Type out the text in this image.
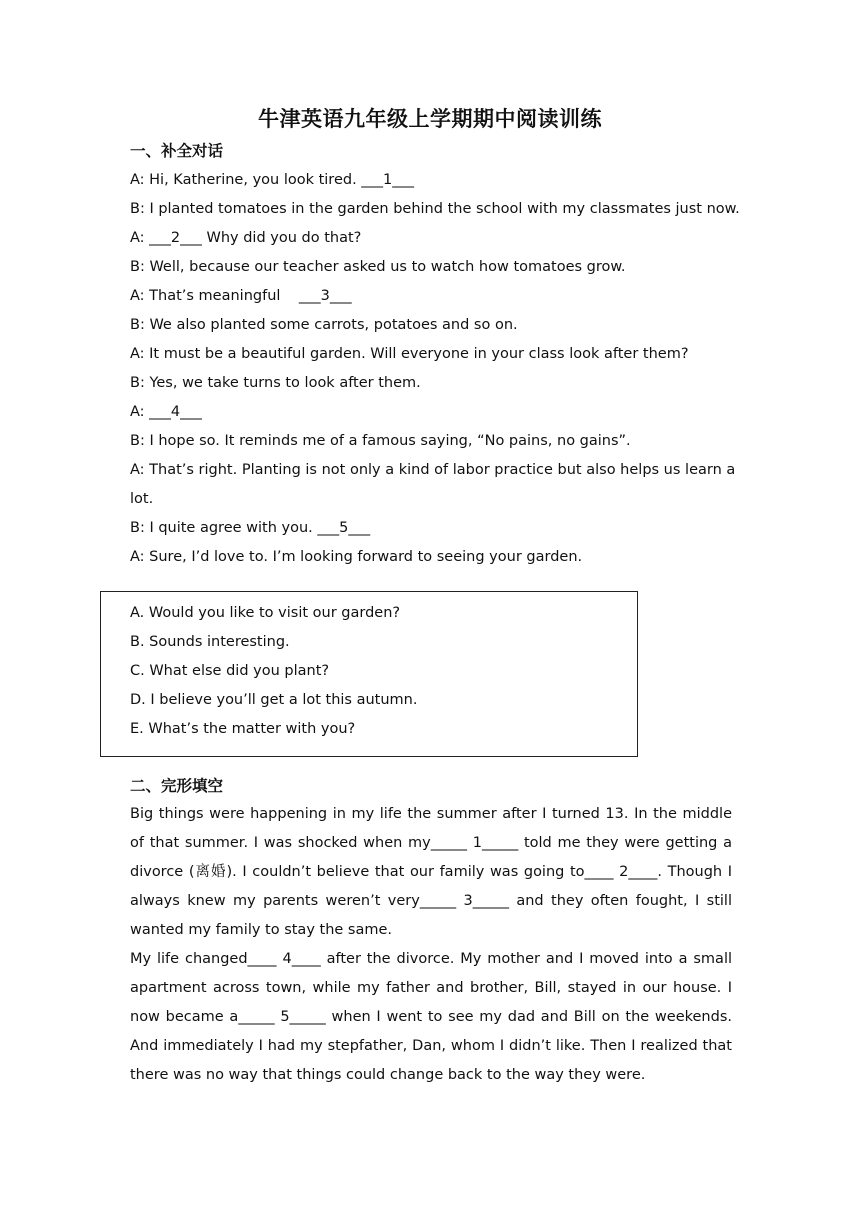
牛津英语九年级上学期期中阅读训练
一、补全对话
A: Hi, Katherine, you look tired. ___1___
B: I planted tomatoes in the garden behind the school with my classmates just now.
A: ___2___ Why did you do that?
B: Well, because our teacher asked us to watch how tomatoes grow.
A: That’s meaningful    ___3___
B: We also planted some carrots, potatoes and so on.
A: It must be a beautiful garden. Will everyone in your class look after them?
B: Yes, we take turns to look after them.
A: ___4___
B: I hope so. It reminds me of a famous saying, “No pains, no gains”.
A: That’s right. Planting is not only a kind of labor practice but also helps us learn a
lot.
B: I quite agree with you. ___5___
A: Sure, I’d love to. I’m looking forward to seeing your garden.
A. Would you like to visit our garden?
B. Sounds interesting.
C. What else did you plant?
D. I believe you’ll get a lot this autumn.
E. What’s the matter with you?
二、完形填空
Big things were happening in my life the summer after I turned 13. In the middle of that summer. I was shocked when my_____ 1_____ told me they were getting a divorce (离婚). I couldn’t believe that our family was going to____ 2____. Though I always knew my parents weren’t very_____ 3_____ and they often fought, I still wanted my family to stay the same.
My life changed____ 4____ after the divorce. My mother and I moved into a small apartment across town, while my father and brother, Bill, stayed in our house. I now became a_____ 5_____ when I went to see my dad and Bill on the weekends. And immediately I had my stepfather, Dan, whom I didn’t like. Then I realized that there was no way that things could change back to the way they were.
